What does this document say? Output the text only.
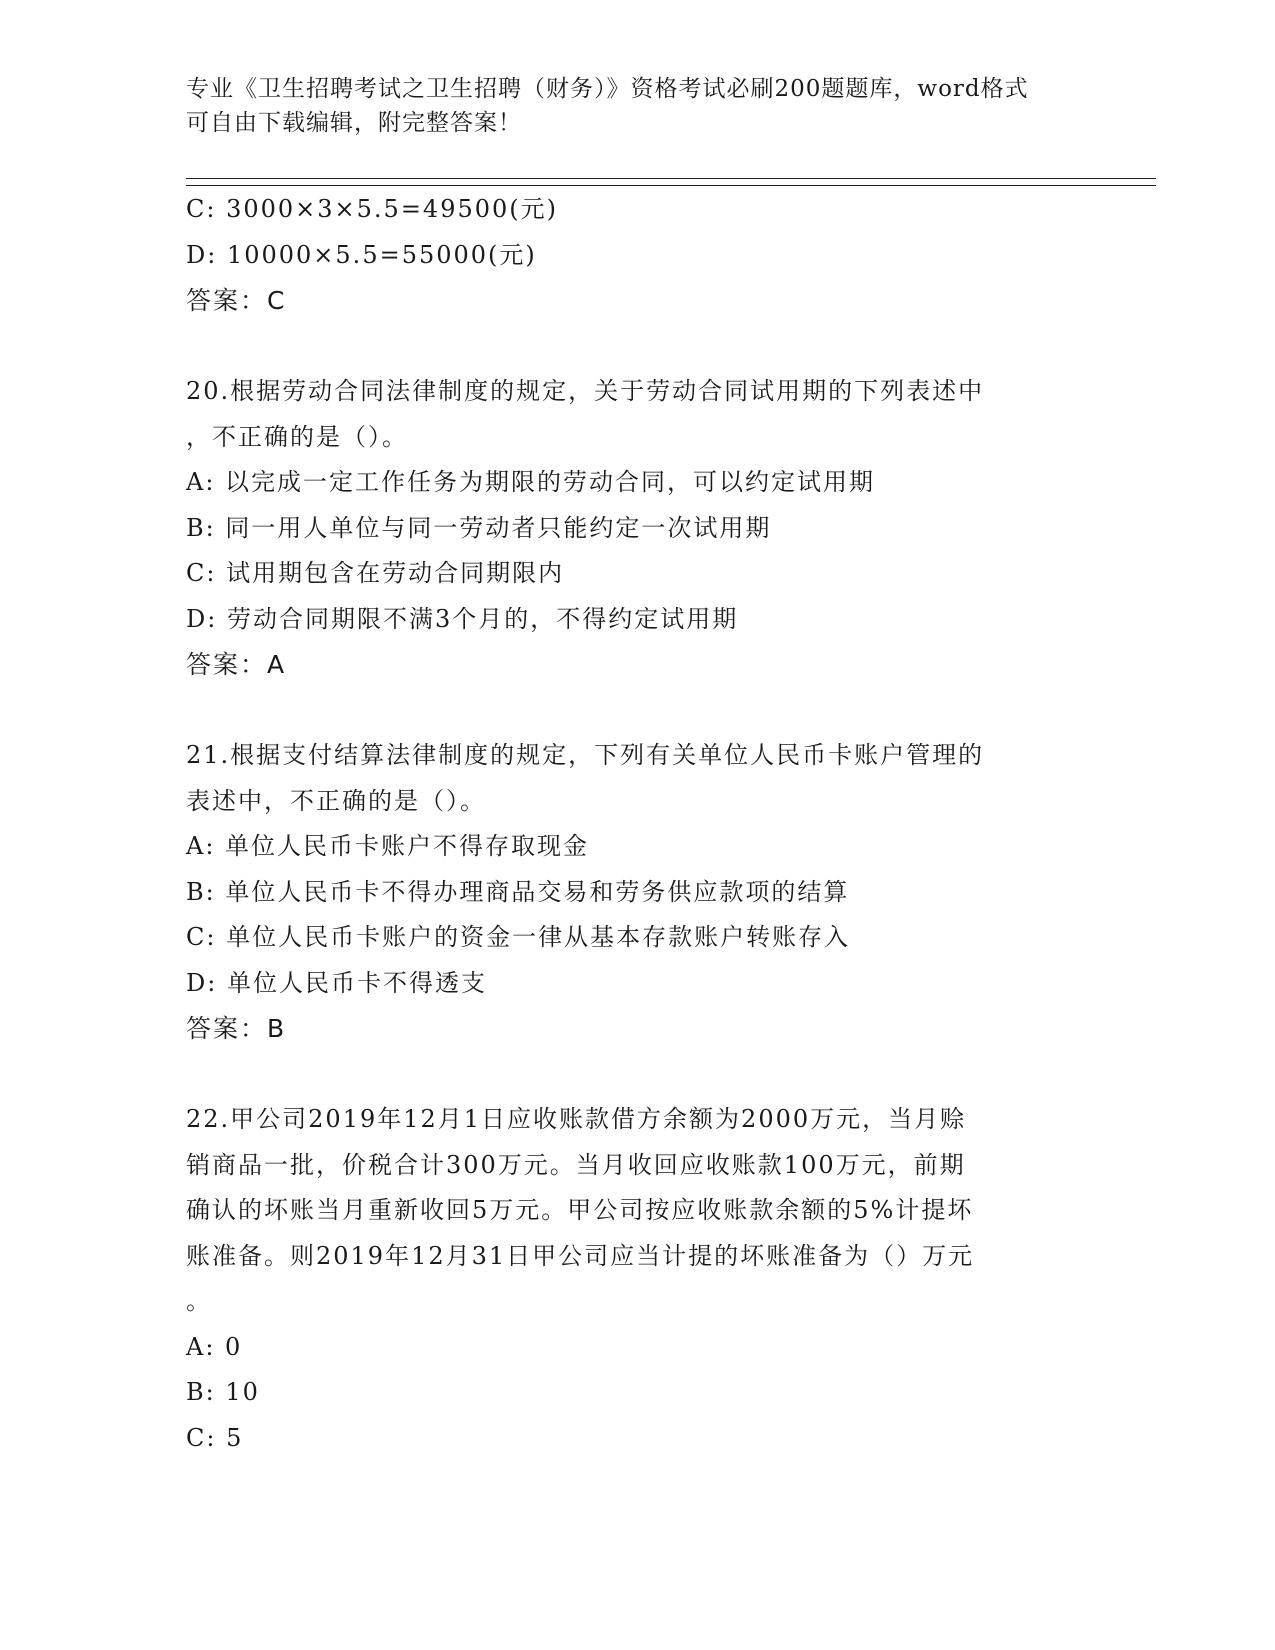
专业《卫生招聘考试之卫生招聘（财务）》资格考试必刷200题题库，word格式
可自由下载编辑，附完整答案！
C: 3000×3×5.5=49500(元)
D: 10000×5.5=55000(元)
答案：C
20.根据劳动合同法律制度的规定，关于劳动合同试用期的下列表述中
，不正确的是（）。
A: 以完成一定工作任务为期限的劳动合同，可以约定试用期
B: 同一用人单位与同一劳动者只能约定一次试用期
C: 试用期包含在劳动合同期限内
D: 劳动合同期限不满3个月的，不得约定试用期
答案：A
21.根据支付结算法律制度的规定，下列有关单位人民币卡账户管理的
表述中，不正确的是（）。
A: 单位人民币卡账户不得存取现金
B: 单位人民币卡不得办理商品交易和劳务供应款项的结算
C: 单位人民币卡账户的资金一律从基本存款账户转账存入
D: 单位人民币卡不得透支
答案：B
22.甲公司2019年12月1日应收账款借方余额为2000万元，当月赊
销商品一批，价税合计300万元。当月收回应收账款100万元，前期
确认的坏账当月重新收回5万元。甲公司按应收账款余额的5%计提坏
账准备。则2019年12月31日甲公司应当计提的坏账准备为（）万元
。
A: 0
B: 10
C: 5
